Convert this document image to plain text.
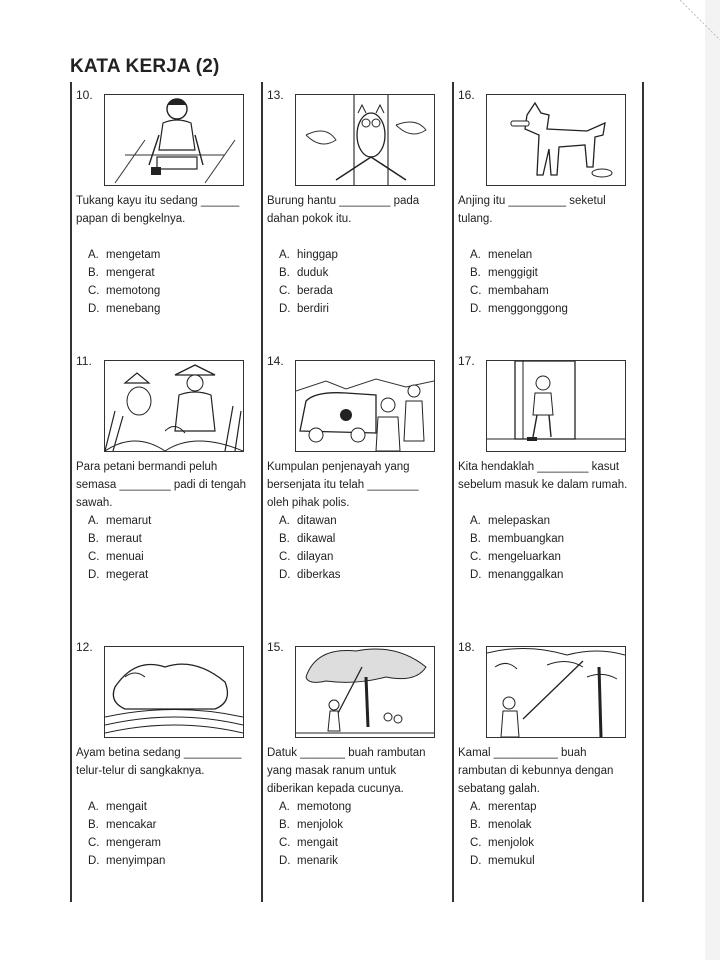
KATA KERJA (2)
10.
Tukang kayu itu sedang ______ papan di bengkelnya.
A. mengetam
B. mengerat
C. memotong
D. menebang
13.
Burung hantu ________ pada dahan pokok itu.
A. hinggap
B. duduk
C. berada
D. berdiri
16.
Anjing itu _________ seketul tulang.
A. menelan
B. menggigit
C. membaham
D. menggonggong
11.
Para petani bermandi peluh semasa ________ padi di tengah sawah.
A. memarut
B. meraut
C. menuai
D. megerat
14.
Kumpulan penjenayah yang bersenjata itu telah ________ oleh pihak polis.
A. ditawan
B. dikawal
C. dilayan
D. diberkas
17.
Kita hendaklah ________ kasut sebelum masuk ke dalam rumah.
A. melepaskan
B. membuangkan
C. mengeluarkan
D. menanggalkan
12.
Ayam betina sedang _________ telur-telur di sangkaknya.
A. mengait
B. mencakar
C. mengeram
D. menyimpan
15.
Datuk _______ buah rambutan yang masak ranum untuk diberikan kepada cucunya.
A. memotong
B. menjolok
C. mengait
D. menarik
18.
Kamal __________ buah rambutan di kebunnya dengan sebatang galah.
A. merentap
B. menolak
C. menjolok
D. memukul
